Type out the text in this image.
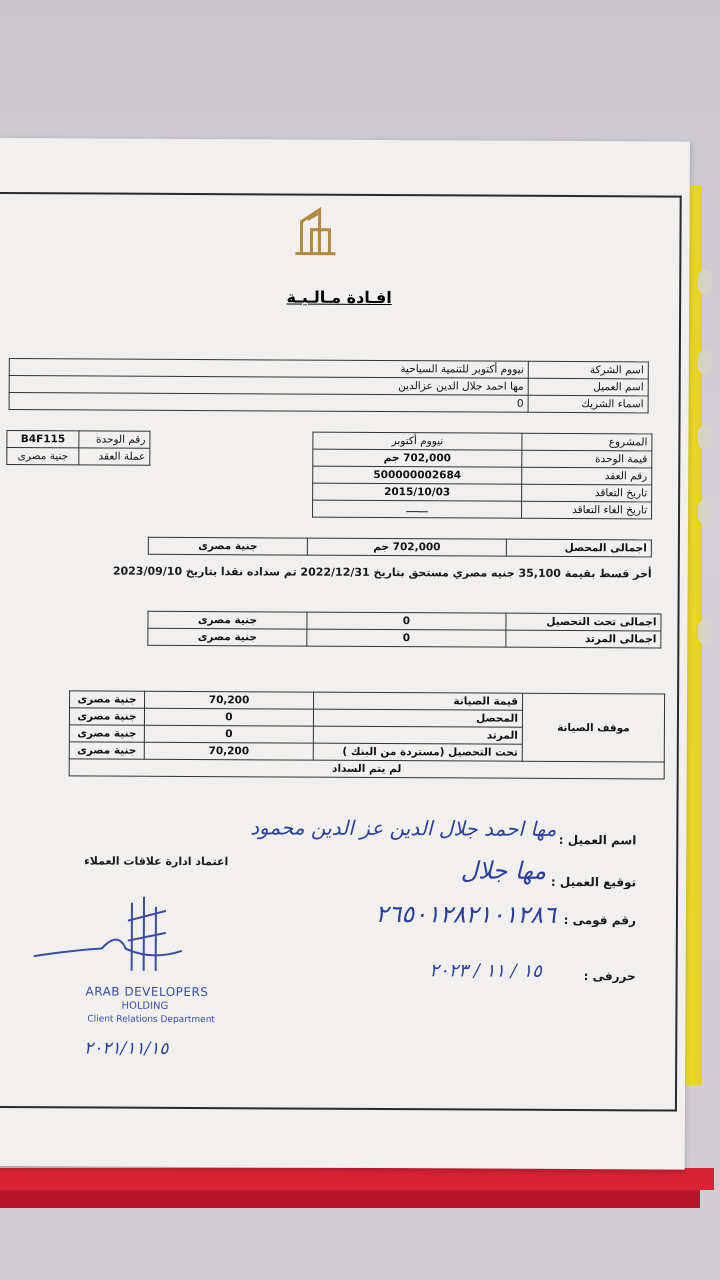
افـادة مـالـيـة
نيووم أكتوبر للتنمية السياحية	اسم الشركة
مها احمد جلال الدين عزالدين	اسم العميل
0	اسماء الشريك
B4F115	رقم الوحدة
جنية مصرى	عملة العقد
نيووم أكتوبر	المشروع
702,000 جم	قيمة الوحدة
500000002684	رقم العقد
2015/10/03	تاريخ التعاقد
ـــــــ	تاريخ الغاء التعاقد
جنية مصرى	702,000 جم	اجمالى المحصل
أخر قسط بقيمة 35,100 جنيه مصري مستحق بتاريخ 2022/12/31 تم سداده نقدا بتاريخ 2023/09/10
جنية مصرى	0	اجمالى تحت التحصيل
جنية مصرى	0	اجمالى المرتد
جنية مصرى	70,200	قيمة الصيانة	موقف الصيانة
جنية مصرى	0	المحصل	
جنية مصرى	0	المرتد	
جنية مصرى	70,200	تحت التحصيل (مستردة من البنك )	
لم يتم السداد			
اسم العميل :
مها احمد جلال الدين عز الدين محمود
توقيع العميل :
مها جلال
رقم قومى :
٢٦٥٠١٢٨٢١٠١٢٨٦
حررفى :
١٥ / ١١ / ٢٠٢٣
اعتماد ادارة علاقات العملاء
ARAB DEVELOPERS
HOLDING
Client Relations Department
٢٠٢١/١١/١٥
